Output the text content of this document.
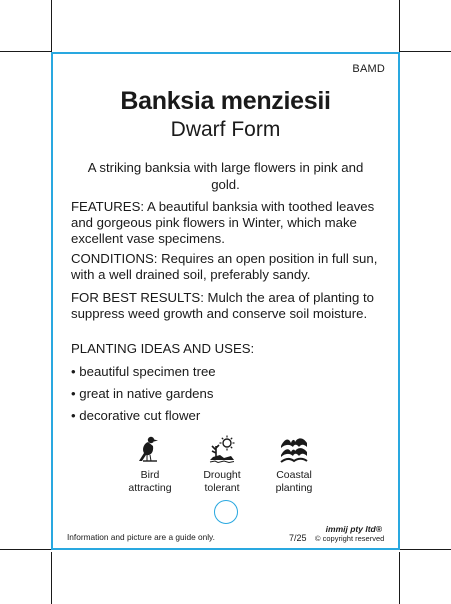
BAMD
Banksia menziesii
Dwarf Form
A striking banksia with large flowers in pink and gold.
FEATURES: A beautiful banksia with toothed leaves and gorgeous pink flowers in Winter, which make excellent vase specimens.
CONDITIONS: Requires an open position in full sun, with a well drained soil, preferably sandy.
FOR BEST RESULTS: Mulch the area of planting to suppress weed growth and conserve soil moisture.
PLANTING IDEAS AND USES:
• beautiful specimen tree
• great in native gardens
• decorative cut flower
Bird
attracting
Drought
tolerant
Coastal
planting
Information and picture are a guide only.
immij pty ltd®
7/25 © copyright reserved
